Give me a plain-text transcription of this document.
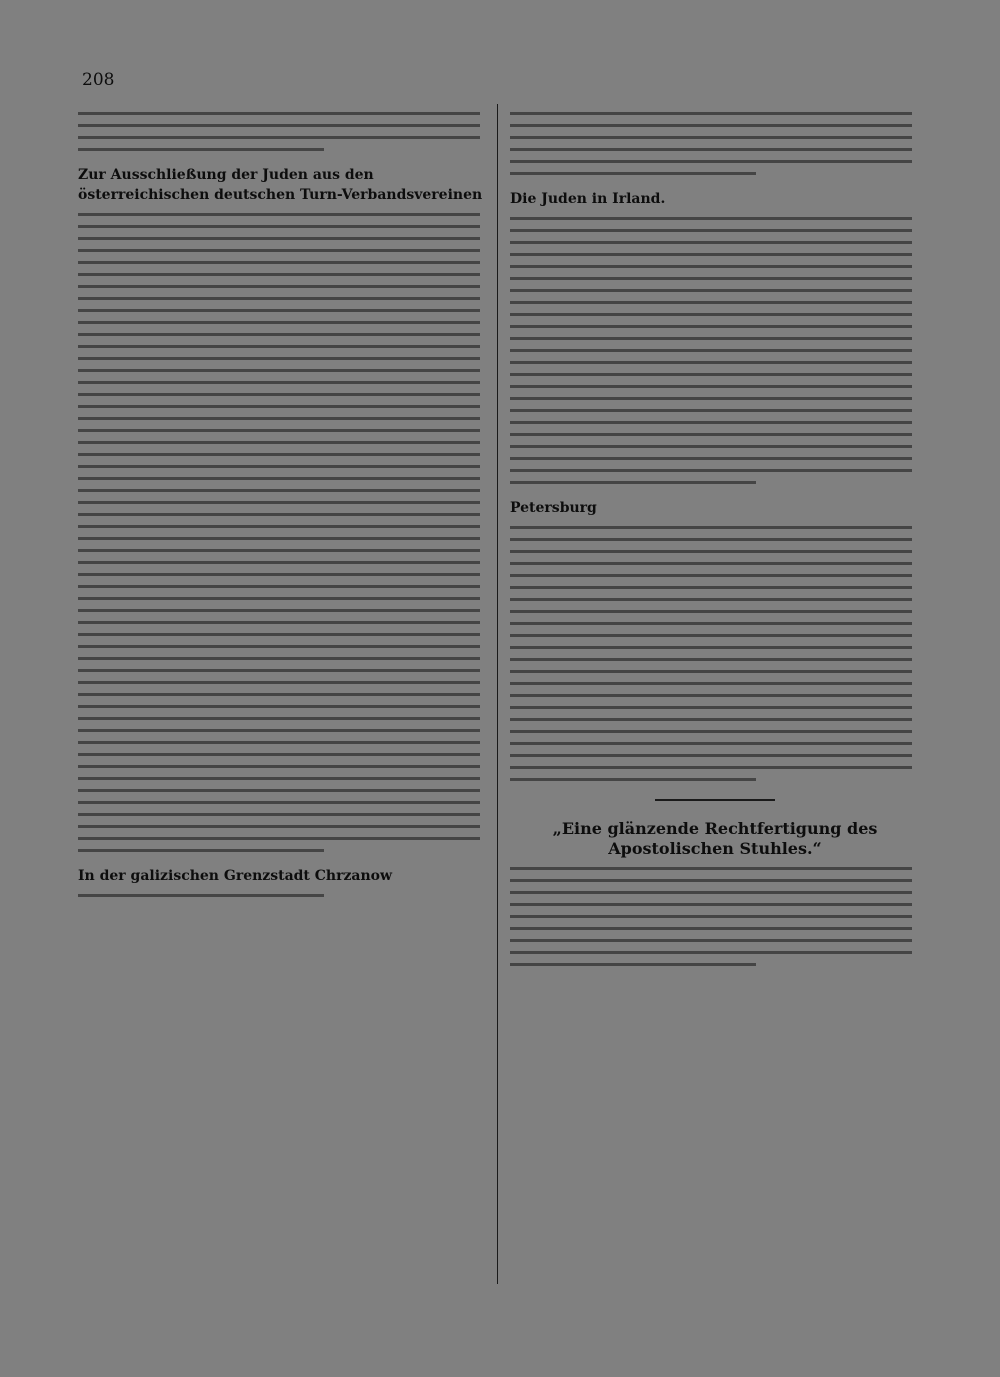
208
Zur Ausschließung der Juden aus den österreichischen deutschen Turn-Verbandsvereinen
In der galizischen Grenzstadt Chrzanow
Die Juden in Irland.
Petersburg
„Eine glänzende Rechtfertigung des Apostolischen Stuhles.“
